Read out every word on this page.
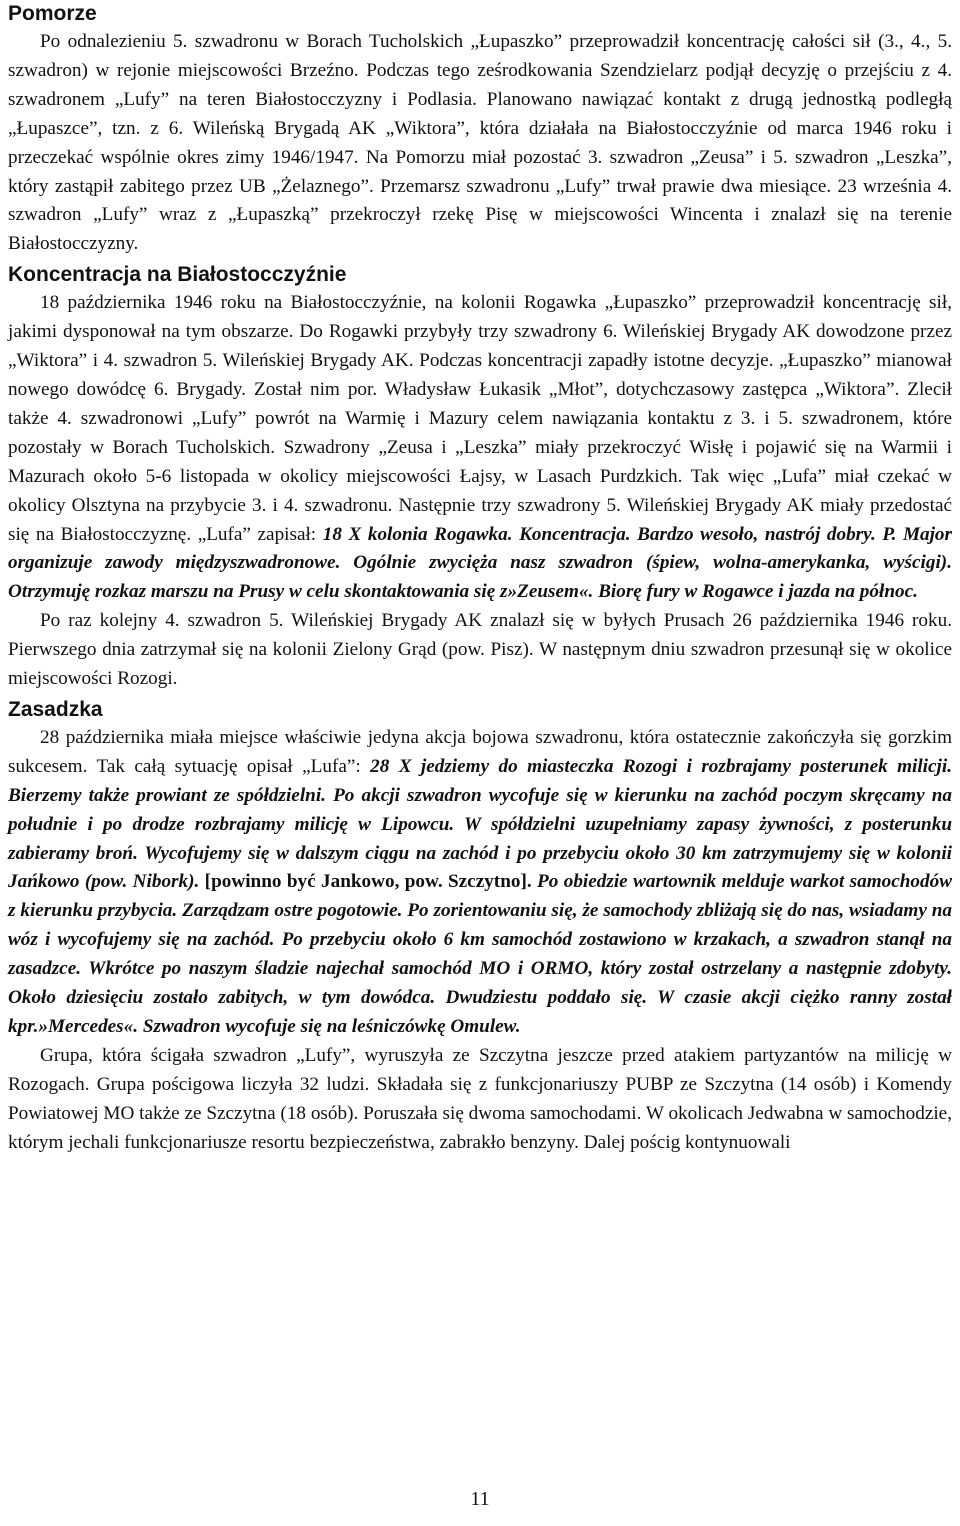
Pomorze

Po odnalezieniu 5. szwadronu w Borach Tucholskich „Łupaszko” przeprowadził koncentrację całości sił (3., 4., 5. szwadron) w rejonie miejscowości Brzeźno. Podczas tego ześrodkowania Szendzielarz podjął decyzję o przejściu z 4. szwadronem „Lufy” na teren Białostocczyzny i Podlasia. Planowano nawiązać kontakt z drugą jednostką podległą „Łupaszce”, tzn. z 6. Wileńską Brygadą AK „Wiktora”, która działała na Białostocczyźnie od marca 1946 roku i przeczekać wspólnie okres zimy 1946/1947. Na Pomorzu miał pozostać 3. szwadron „Zeusa” i 5. szwadron „Leszka”, który zastąpił zabitego przez UB „Żelaznego”. Przemarsz szwadronu „Lufy” trwał prawie dwa miesiące. 23 września 4. szwadron „Lufy” wraz z „Łupaszką” przekroczył rzekę Pisę w miejscowości Wincenta i znalazł się na terenie Białostocczyzny.

Koncentracja na Białostocczyźnie

18 października 1946 roku na Białostocczyźnie, na kolonii Rogawka „Łupaszko” przeprowadził koncentrację sił, jakimi dysponował na tym obszarze. Do Rogawki przybyły trzy szwadrony 6. Wileńskiej Brygady AK dowodzone przez „Wiktora” i 4. szwadron 5. Wileńskiej Brygady AK. Podczas koncentracji zapadły istotne decyzje. „Łupaszko” mianował nowego dowódcę 6. Brygady. Został nim por. Władysław Łukasik „Młot”, dotychczasowy zastępca „Wiktora”. Zlecił także 4. szwadronowi „Lufy” powrót na Warmię i Mazury celem nawiązania kontaktu z 3. i 5. szwadronem, które pozostały w Borach Tucholskich. Szwadrony „Zeusa i „Leszka” miały przekroczyć Wisłę i pojawić się na Warmii i Mazurach około 5-6 listopada w okolicy miejscowości Łajsy, w Lasach Purdzkich. Tak więc „Lufa” miał czekać w okolicy Olsztyna na przybycie 3. i 4. szwadronu. Następnie trzy szwadrony 5. Wileńskiej Brygady AK miały przedostać się na Białostocczyznę. „Lufa” zapisał: 18 X kolonia Rogawka. Koncentracja. Bardzo wesoło, nastrój dobry. P. Major organizuje zawody międzyszwadronowe. Ogólnie zwycięża nasz szwadron (śpiew, wolna-amerykanka, wyścigi). Otrzymuję rozkaz marszu na Prusy w celu skontaktowania się z»Zeusem«. Biorę fury w Rogawce i jazda na północ.

Po raz kolejny 4. szwadron 5. Wileńskiej Brygady AK znalazł się w byłych Prusach 26 października 1946 roku. Pierwszego dnia zatrzymał się na kolonii Zielony Grąd (pow. Pisz). W następnym dniu szwadron przesunął się w okolice miejscowości Rozogi.

Zasadzka

28 października miała miejsce właściwie jedyna akcja bojowa szwadronu, która ostatecznie zakończyła się gorzkim sukcesem. Tak całą sytuację opisał „Lufa”: 28 X jedziemy do miasteczka Rozogi i rozbrajamy posterunek milicji. Bierzemy także prowiant ze spółdzielni. Po akcji szwadron wycofuje się w kierunku na zachód poczym skręcamy na południe i po drodze rozbrajamy milicję w Lipowcu. W spółdzielni uzupełniamy zapasy żywności, z posterunku zabieramy broń. Wycofujemy się w dalszym ciągu na zachód i po przebyciu około 30 km zatrzymujemy się w kolonii Jańkowo (pow. Nibork). [powinno być Jankowo, pow. Szczytno]. Po obiedzie wartownik melduje warkot samochodów z kierunku przybycia. Zarządzam ostre pogotowie. Po zorientowaniu się, że samochody zbliżają się do nas, wsiadamy na wóz i wycofujemy się na zachód. Po przebyciu około 6 km samochód zostawiono w krzakach, a szwadron stanął na zasadzce. Wkrótce po naszym śladzie najechał samochód MO i ORMO, który został ostrzelany a następnie zdobyty. Około dziesięciu zostało zabitych, w tym dowódca. Dwudziestu poddało się. W czasie akcji ciężko ranny został kpr.»Mercedes«. Szwadron wycofuje się na leśniczówkę Omulew.

Grupa, która ścigała szwadron „Lufy”, wyruszyła ze Szczytna jeszcze przed atakiem partyzantów na milicję w Rozogach. Grupa pościgowa liczyła 32 ludzi. Składała się z funkcjonariuszy PUBP ze Szczytna (14 osób) i Komendy Powiatowej MO także ze Szczytna (18 osób). Poruszała się dwoma samochodami. W okolicach Jedwabna w samochodzie, którym jechali funkcjonariusze resortu bezpieczeństwa, zabrakło benzyny. Dalej pościg kontynuowali

11
